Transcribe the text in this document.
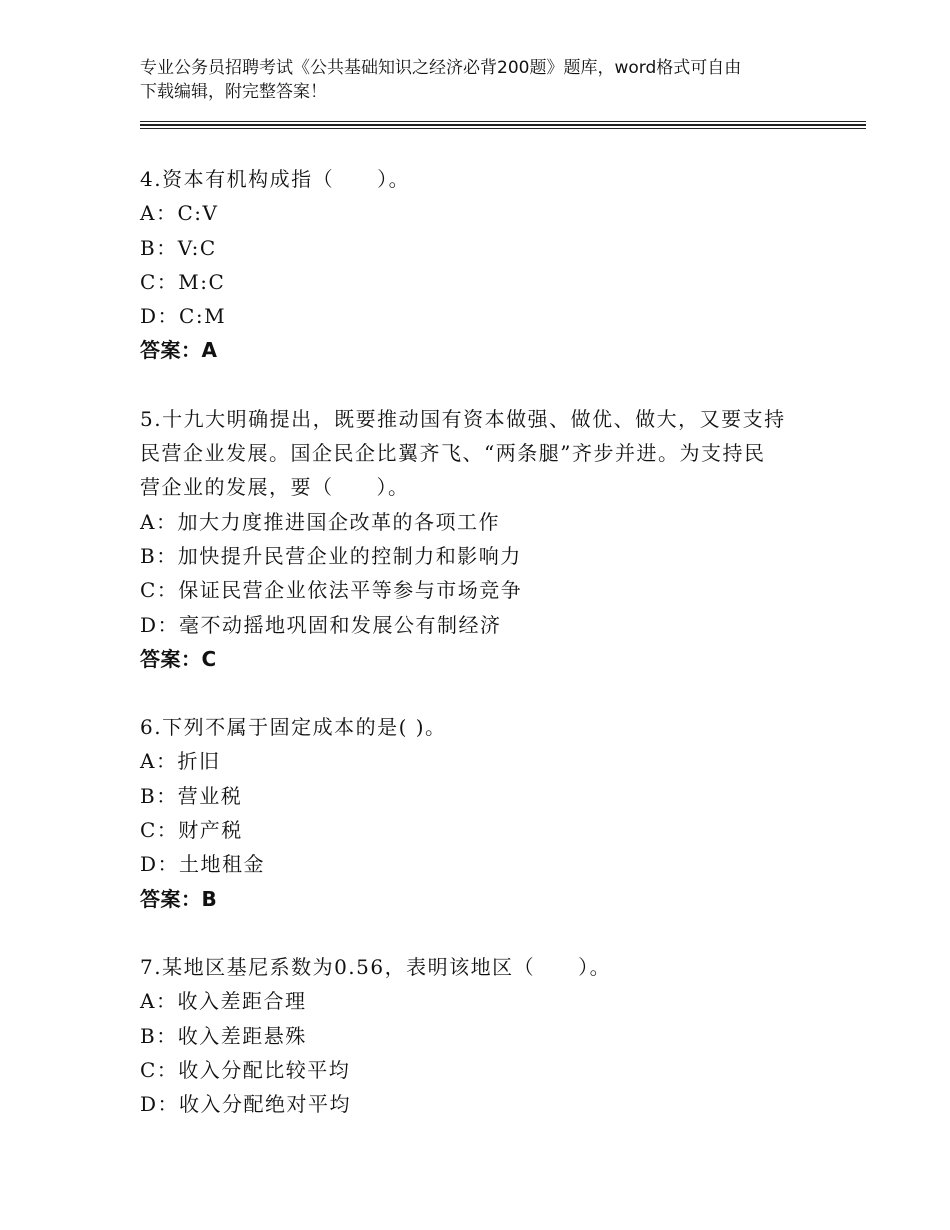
专业公务员招聘考试《公共基础知识之经济必背200题》题库，word格式可自由
下载编辑，附完整答案！
4.资本有机构成指（　　）。
A：C:V
B：V:C
C：M:C
D：C:M
答案：A
5.十九大明确提出，既要推动国有资本做强、做优、做大，又要支持
民营企业发展。国企民企比翼齐飞、“两条腿”齐步并进。为支持民
营企业的发展，要（　　）。
A：加大力度推进国企改革的各项工作
B：加快提升民营企业的控制力和影响力
C：保证民营企业依法平等参与市场竞争
D：毫不动摇地巩固和发展公有制经济
答案：C
6.下列不属于固定成本的是( )。
A：折旧
B：营业税
C：财产税
D：土地租金
答案：B
7.某地区基尼系数为0.56，表明该地区（　　）。
A：收入差距合理
B：收入差距悬殊
C：收入分配比较平均
D：收入分配绝对平均
